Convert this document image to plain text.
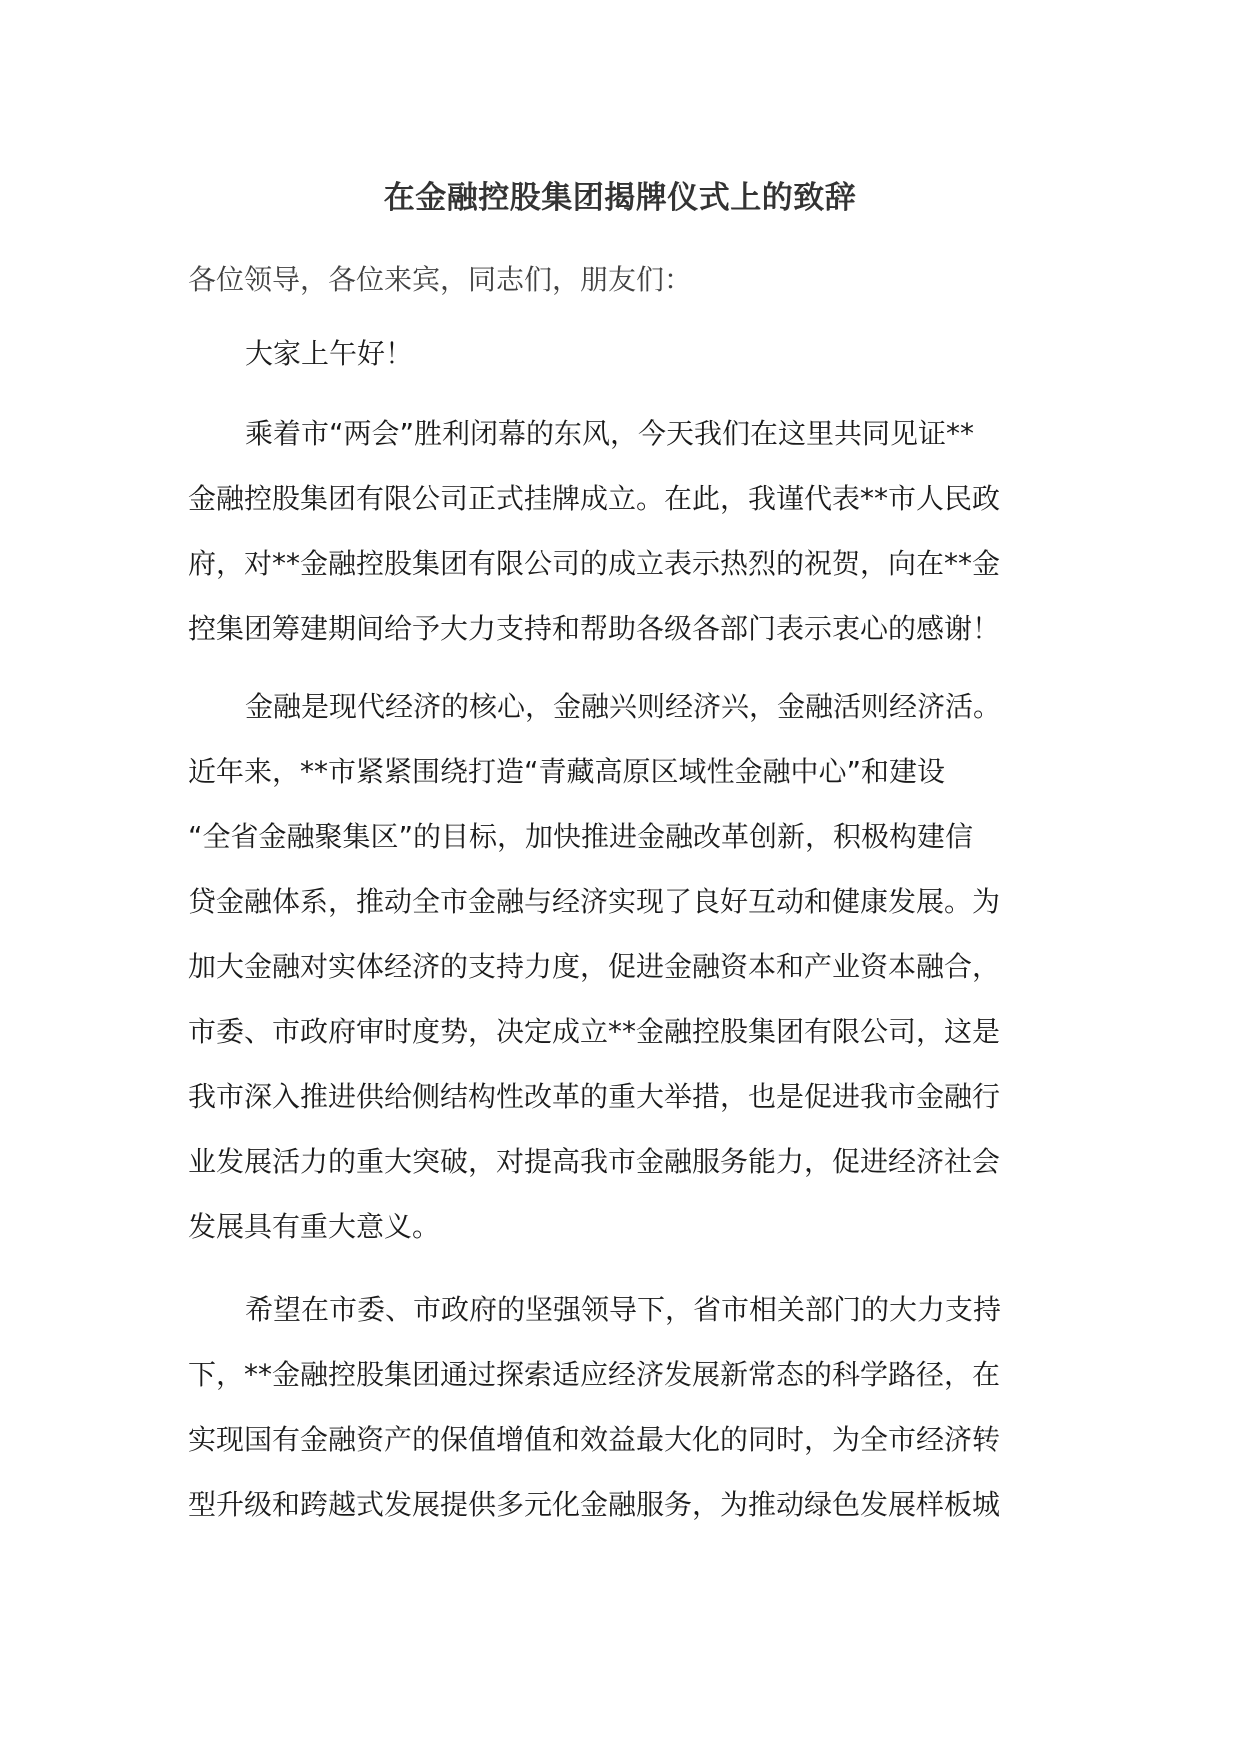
在金融控股集团揭牌仪式上的致辞
各位领导，各位来宾，同志们，朋友们：
大家上午好！
乘着市“两会”胜利闭幕的东风，今天我们在这里共同见证**
金融控股集团有限公司正式挂牌成立。在此，我谨代表**市人民政
府，对**金融控股集团有限公司的成立表示热烈的祝贺，向在**金
控集团筹建期间给予大力支持和帮助各级各部门表示衷心的感谢！
金融是现代经济的核心，金融兴则经济兴，金融活则经济活。
近年来，**市紧紧围绕打造“青藏高原区域性金融中心”和建设
“全省金融聚集区”的目标，加快推进金融改革创新，积极构建信
贷金融体系，推动全市金融与经济实现了良好互动和健康发展。为
加大金融对实体经济的支持力度，促进金融资本和产业资本融合，
市委、市政府审时度势，决定成立**金融控股集团有限公司，这是
我市深入推进供给侧结构性改革的重大举措，也是促进我市金融行
业发展活力的重大突破，对提高我市金融服务能力，促进经济社会
发展具有重大意义。
希望在市委、市政府的坚强领导下，省市相关部门的大力支持
下，**金融控股集团通过探索适应经济发展新常态的科学路径，在
实现国有金融资产的保值增值和效益最大化的同时，为全市经济转
型升级和跨越式发展提供多元化金融服务，为推动绿色发展样板城
